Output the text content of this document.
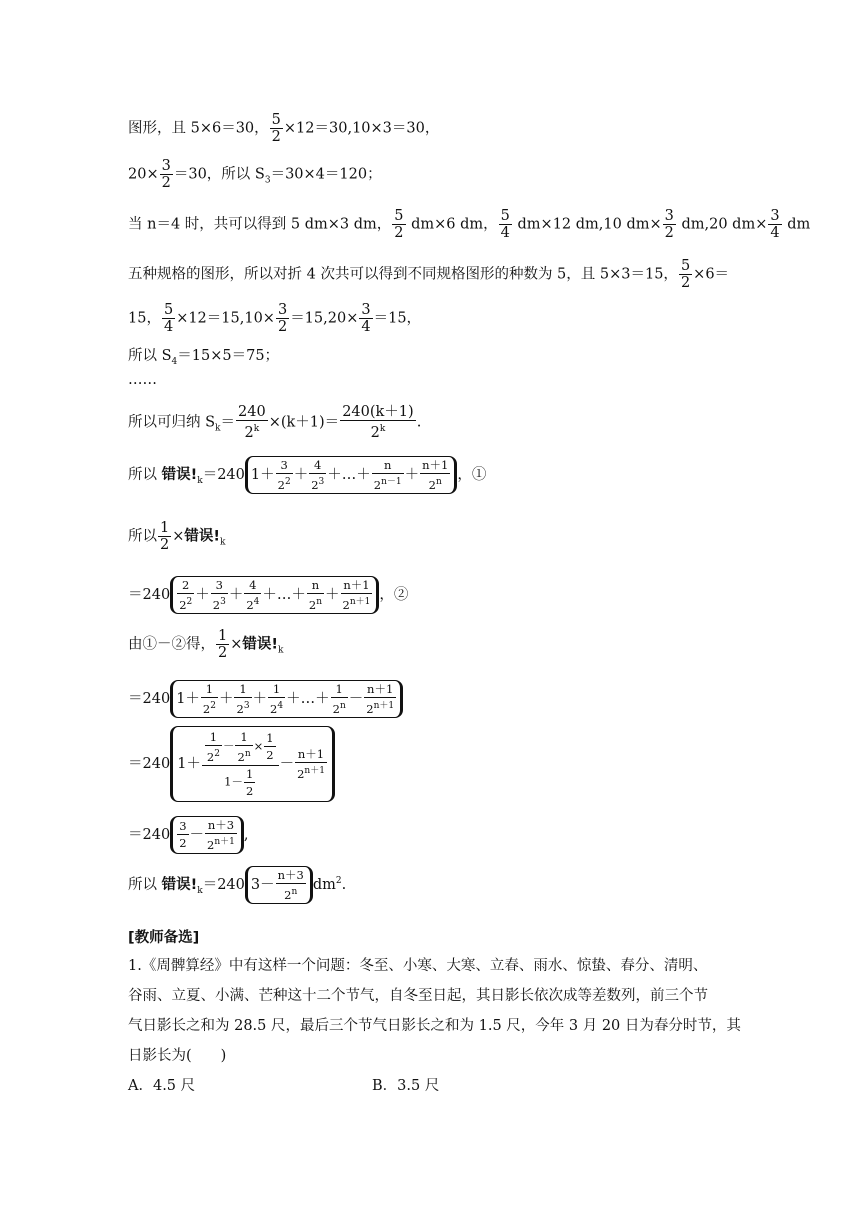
图形，且 5×6＝30， $\frac{5}{2} \times 12=30,10\times 3=30$，
$20\times \frac{3}{2} =30$，所以 $S_3=30\times 4=120$；
当 n＝4 时，共可以得到 5 dm×3 dm， $\frac{5}{2} dm\times 6$ dm， $\frac{5}{4} dm\times 12$ dm,10 $dm\times \frac{3}{2} dm,20$ $dm\times \frac{3}{4}$ dm
五种规格的图形，所以对折 4 次共可以得到不同规格图形的种数为 5，且 5×3＝15， $\frac{5}{2} \times 6=$
15， $\frac{5}{4} \times 12=15,10\times \frac{3}{2} =15,20\times \frac{3}{4} =15$，
所以 $S_4=15\times 5=75$；
……
所以可归纳 $S_k= \frac{240}{2^k} \times(k+1)= \frac{240(k+1)}{2^k}$ .
所以 错误$!_k=240$ $1+ \frac{3}{2^2} + \frac{4}{2^3}$ ＋…＋ $\frac{n}{2^{n-1}} + \frac{n+1}{2^n}$ ，①
所以 $\frac{1}{2}$ ×错误$!_k$
$=240 \frac{2}{2^2} + \frac{3}{2^3} + \frac{4}{2^4}$ ＋…＋ $\frac{n}{2^n} + \frac{n+1}{2^{n+1}}$ ，②
由①－②得， $\frac{1}{2}$ ×错误$!_k$
＝240 $1+ \frac{1}{2^2} + \frac{1}{2^3} + \frac{1}{2^4}$ ＋…＋ $\frac{1}{2^n} - \frac{n+1}{2^{n+1}}$
＝240 $1+ \frac{\frac{1}{2^2} - \frac{1}{2^n} \times \frac{1}{2}}{1- \frac{1}{2}} - \frac{n+1}{2^{n+1}}$
$=240 \frac{3}{2} - \frac{n+3}{2^{n+1}}$ ,
所以 错误$!_k=240$ $3- \frac{n+3}{2^n} dm^2$.
[教师备选]
1.《周髀算经》中有这样一个问题：冬至、小寒、大寒、立春、雨水、惊蛰、春分、清明、
谷雨、立夏、小满、芒种这十二个节气，自冬至日起，其日影长依次成等差数列，前三个节
气日影长之和为 28.5 尺，最后三个节气日影长之和为 1.5 尺，今年 3 月 20 日为春分时节，其
日影长为(　　)
A．4.5 尺	B．3.5 尺
